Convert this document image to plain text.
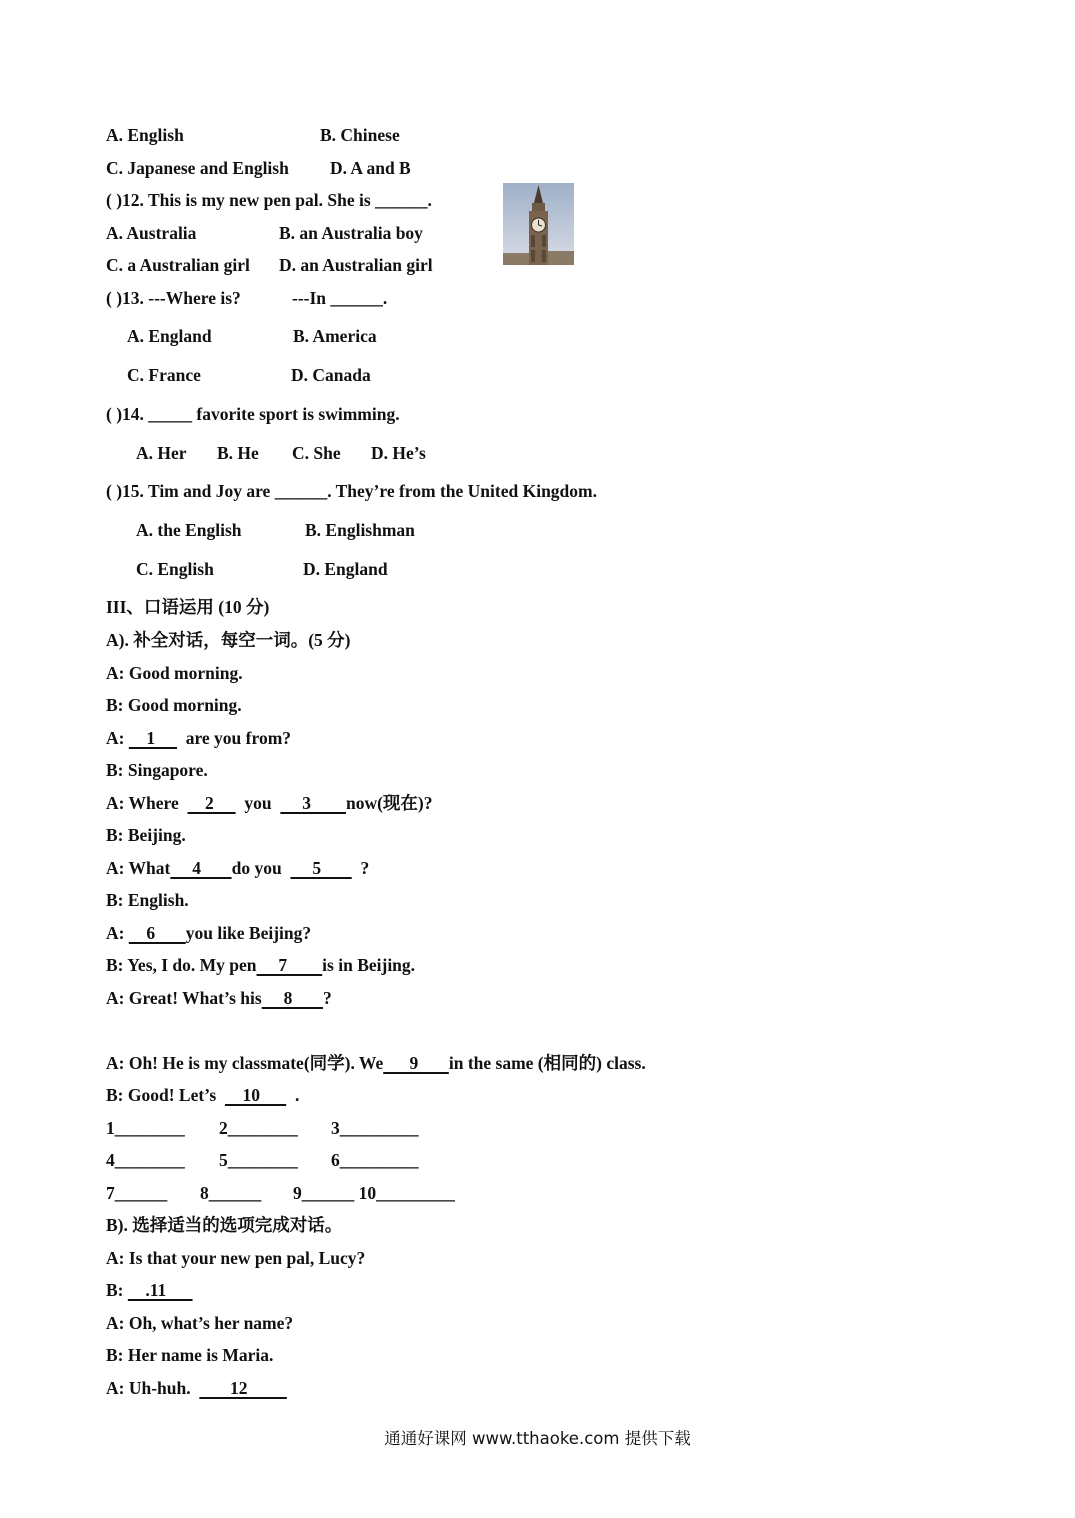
A. English	B. Chinese
C. Japanese and English D. A and B
( )12. This is my new pen pal. She is ______.
A. Australia	B. an Australia boy
C. a Australian girl D. an Australian girl
( )13. ---Where is?	---In ______.
A. England	B. America
C. France	D. Canada
( )14. _____ favorite sport is swimming.
A. Her B. He C. She D. He’s
( )15. Tim and Joy are ______. They’re from the United Kingdom.
A. the English	B. Englishman
C. English	D. England
III、口语运用 (10 分)
A). 补全对话，每空一词。(5 分)
A: Good morning.
B: Good morning.
A:     1       are you from?
B: Singapore.
A: Where      2       you       3        now(现在)?
B: Beijing.
A: What     4       do you       5         ?
B: English.
A:     6       you like Beijing?
B: Yes, I do. My pen     7        is in Beijing.
A: Great! What’s his     8       ?
A: Oh! He is my classmate(同学). We      9       in the same (相同的) class.
B: Good! Let’s      10        .
1________ 2________ 3_________
4________ 5________ 6_________
7______ 8______ 9______ 10_________
B). 选择适当的选项完成对话。
A: Is that your new pen pal, Lucy?
B:     .11
A: Oh, what’s her name?
B: Her name is Maria.
A: Uh-huh.         12
通通好课网 www.tthaoke.com 提供下载
